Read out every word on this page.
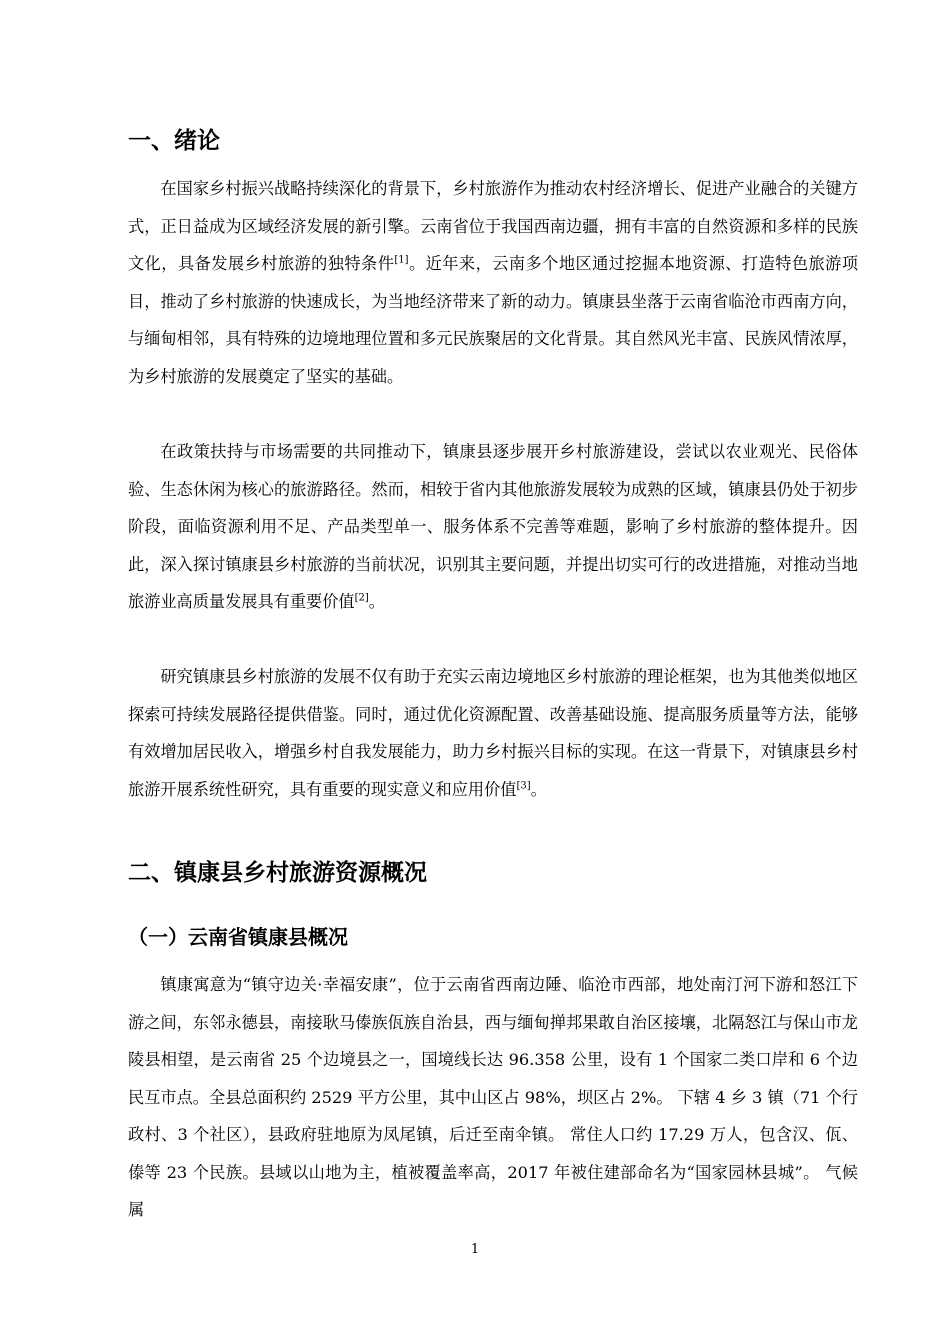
一、绪论

在国家乡村振兴战略持续深化的背景下，乡村旅游作为推动农村经济增长、促进产业融合的关键方式，正日益成为区域经济发展的新引擎。云南省位于我国西南边疆，拥有丰富的自然资源和多样的民族文化，具备发展乡村旅游的独特条件[1]。近年来，云南多个地区通过挖掘本地资源、打造特色旅游项目，推动了乡村旅游的快速成长，为当地经济带来了新的动力。镇康县坐落于云南省临沧市西南方向，与缅甸相邻，具有特殊的边境地理位置和多元民族聚居的文化背景。其自然风光丰富、民族风情浓厚，为乡村旅游的发展奠定了坚实的基础。

在政策扶持与市场需要的共同推动下，镇康县逐步展开乡村旅游建设，尝试以农业观光、民俗体验、生态休闲为核心的旅游路径。然而，相较于省内其他旅游发展较为成熟的区域，镇康县仍处于初步阶段，面临资源利用不足、产品类型单一、服务体系不完善等难题，影响了乡村旅游的整体提升。因此，深入探讨镇康县乡村旅游的当前状况，识别其主要问题，并提出切实可行的改进措施，对推动当地旅游业高质量发展具有重要价值[2]。

研究镇康县乡村旅游的发展不仅有助于充实云南边境地区乡村旅游的理论框架，也为其他类似地区探索可持续发展路径提供借鉴。同时，通过优化资源配置、改善基础设施、提高服务质量等方法，能够有效增加居民收入，增强乡村自我发展能力，助力乡村振兴目标的实现。在这一背景下，对镇康县乡村旅游开展系统性研究，具有重要的现实意义和应用价值[3]。

二、镇康县乡村旅游资源概况
（一）云南省镇康县概况

镇康寓意为“镇守边关·幸福安康”，位于云南省西南边陲、临沧市西部，地处南汀河下游和怒江下游之间，东邻永德县，南接耿马傣族佤族自治县，西与缅甸掸邦果敢自治区接壤，北隔怒江与保山市龙陵县相望，是云南省 25 个边境县之一，国境线长达 96.358 公里，设有 1 个国家二类口岸和 6 个边民互市点。全县总面积约 2529 平方公里，其中山区占 98%，坝区占 2%。 下辖 4 乡 3 镇（71 个行政村、3 个社区），县政府驻地原为凤尾镇，后迁至南伞镇。 常住人口约 17.29 万人，包含汉、佤、傣等 23 个民族。县域以山地为主，植被覆盖率高，2017 年被住建部命名为“国家园林县城”。 气候属

1
